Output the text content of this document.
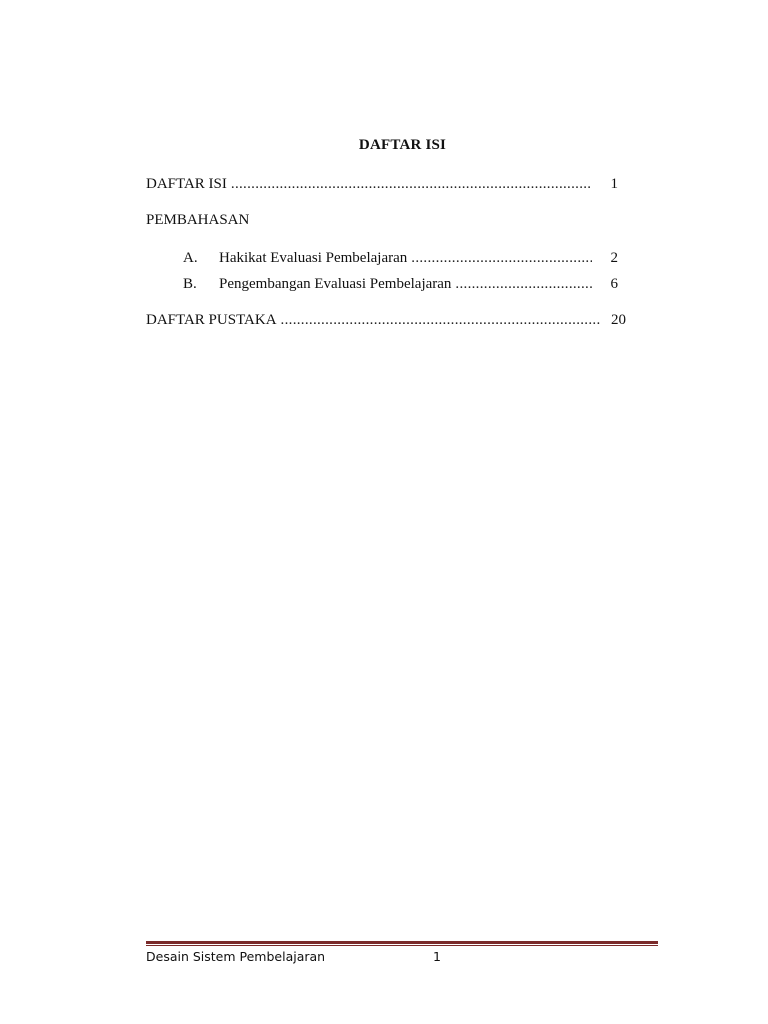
DAFTAR ISI
DAFTAR ISI .....	1
PEMBAHASAN
A.	Hakikat Evaluasi Pembelajaran .....	2
B.	Pengembangan Evaluasi Pembelajaran .....	6
DAFTAR PUSTAKA .....	20
Desain Sistem Pembelajaran	1
